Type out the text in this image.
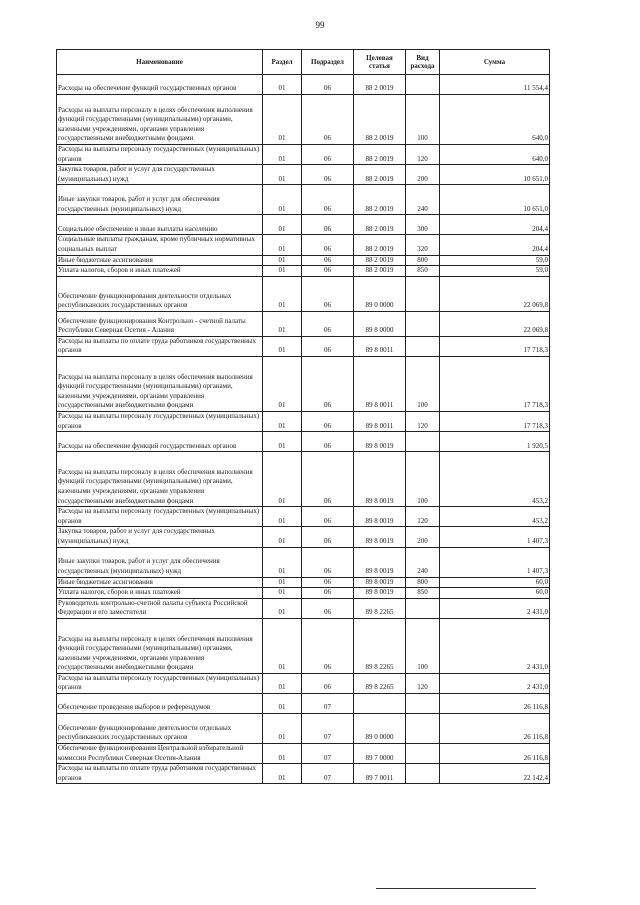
99
Наименование	Раздел	Подраздел	Целевая статья	Вид расхода	Сумма
Расходы на обеспечение функций государственных органов	01	06	88 2 0019		11 554,4
Расходы на выплаты персоналу в целях обеспечения выполнения функций государственными (муниципальными) органами, казенными учреждениями, органами управления государственными внебюджетными фондами	01	06	88 2 0019	100	640,0
Расходы на выплаты персоналу государственных (муниципальных) органов	01	06	88 2 0019	120	640,0
Закупка товаров, работ и услуг для государственных (муниципальных) нужд	01	06	88 2 0019	200	10 651,0
Иные закупки товаров, работ и услуг для обеспечения государственных (муниципальных) нужд	01	06	88 2 0019	240	10 651,0
Социальное обеспечение и иные выплаты населению	01	06	88 2 0019	300	204,4
Социальные выплаты гражданам, кроме публичных нормативных социальных выплат	01	06	88 2 0019	320	204,4
Иные бюджетные ассигнования	01	06	88 2 0019	800	59,0
Уплата налогов, сборов и иных платежей	01	06	88 2 0019	850	59,0
Обеспечение функционирования деятельности отдельных республиканских государственных органов	01	06	89 0 0000		22 069,8
Обеспечение функционирования Контрольно - счетной палаты Республики Северная Осетия - Алания	01	06	89 8 0000		22 069,8
Расходы на выплаты по оплате труда работников государственных органов	01	06	89 8 0011		17 718,3
Расходы на выплаты персоналу в целях обеспечения выполнения функций государственными (муниципальными) органами, казенными учреждениями, органами управления государственными внебюджетными фондами	01	06	89 8 0011	100	17 718,3
Расходы на выплаты персоналу государственных (муниципальных) органов	01	06	89 8 0011	120	17 718,3
Расходы на обеспечение функций государственных органов	01	06	89 8 0019		1 920,5
Расходы на выплаты персоналу в целях обеспечения выполнения функций государственными (муниципальными) органами, казенными учреждениями, органами управления государственными внебюджетными фондами	01	06	89 8 0019	100	453,2
Расходы на выплаты персоналу государственных (муниципальных) органов	01	06	89 8 0019	120	453,2
Закупка товаров, работ и услуг для государственных (муниципальных) нужд	01	06	89 8 0019	200	1 407,3
Иные закупки товаров, работ и услуг для обеспечения государственных (муниципальных) нужд	01	06	89 8 0019	240	1 407,3
Иные бюджетные ассигнования	01	06	89 8 0019	800	60,0
Уплата налогов, сборов и иных платежей	01	06	89 8 0019	850	60,0
Руководитель контрольно-счетной палаты субъекта Российской Федерации и его заместители	01	06	89 8 2265		2 431,0
Расходы на выплаты персоналу в целях обеспечения выполнения функций государственными (муниципальными) органами, казенными учреждениями, органами управления государственными внебюджетными фондами	01	06	89 8 2265	100	2 431,0
Расходы на выплаты персоналу государственных (муниципальных) органов	01	06	89 8 2265	120	2 431,0
Обеспечение проведения выборов и референдумов	01	07			26 116,8
Обеспечение функционирование деятельности отдельных республиканских государственных органов	01	07	89 0 0000		26 116,8
Обеспечение функционирования Центральной избирательной комиссии Республики Северная Осетия-Алания	01	07	89 7 0000		26 116,8
Расходы на выплаты по оплате труда работников государственных органов	01	07	89 7 0011		22 142,4
